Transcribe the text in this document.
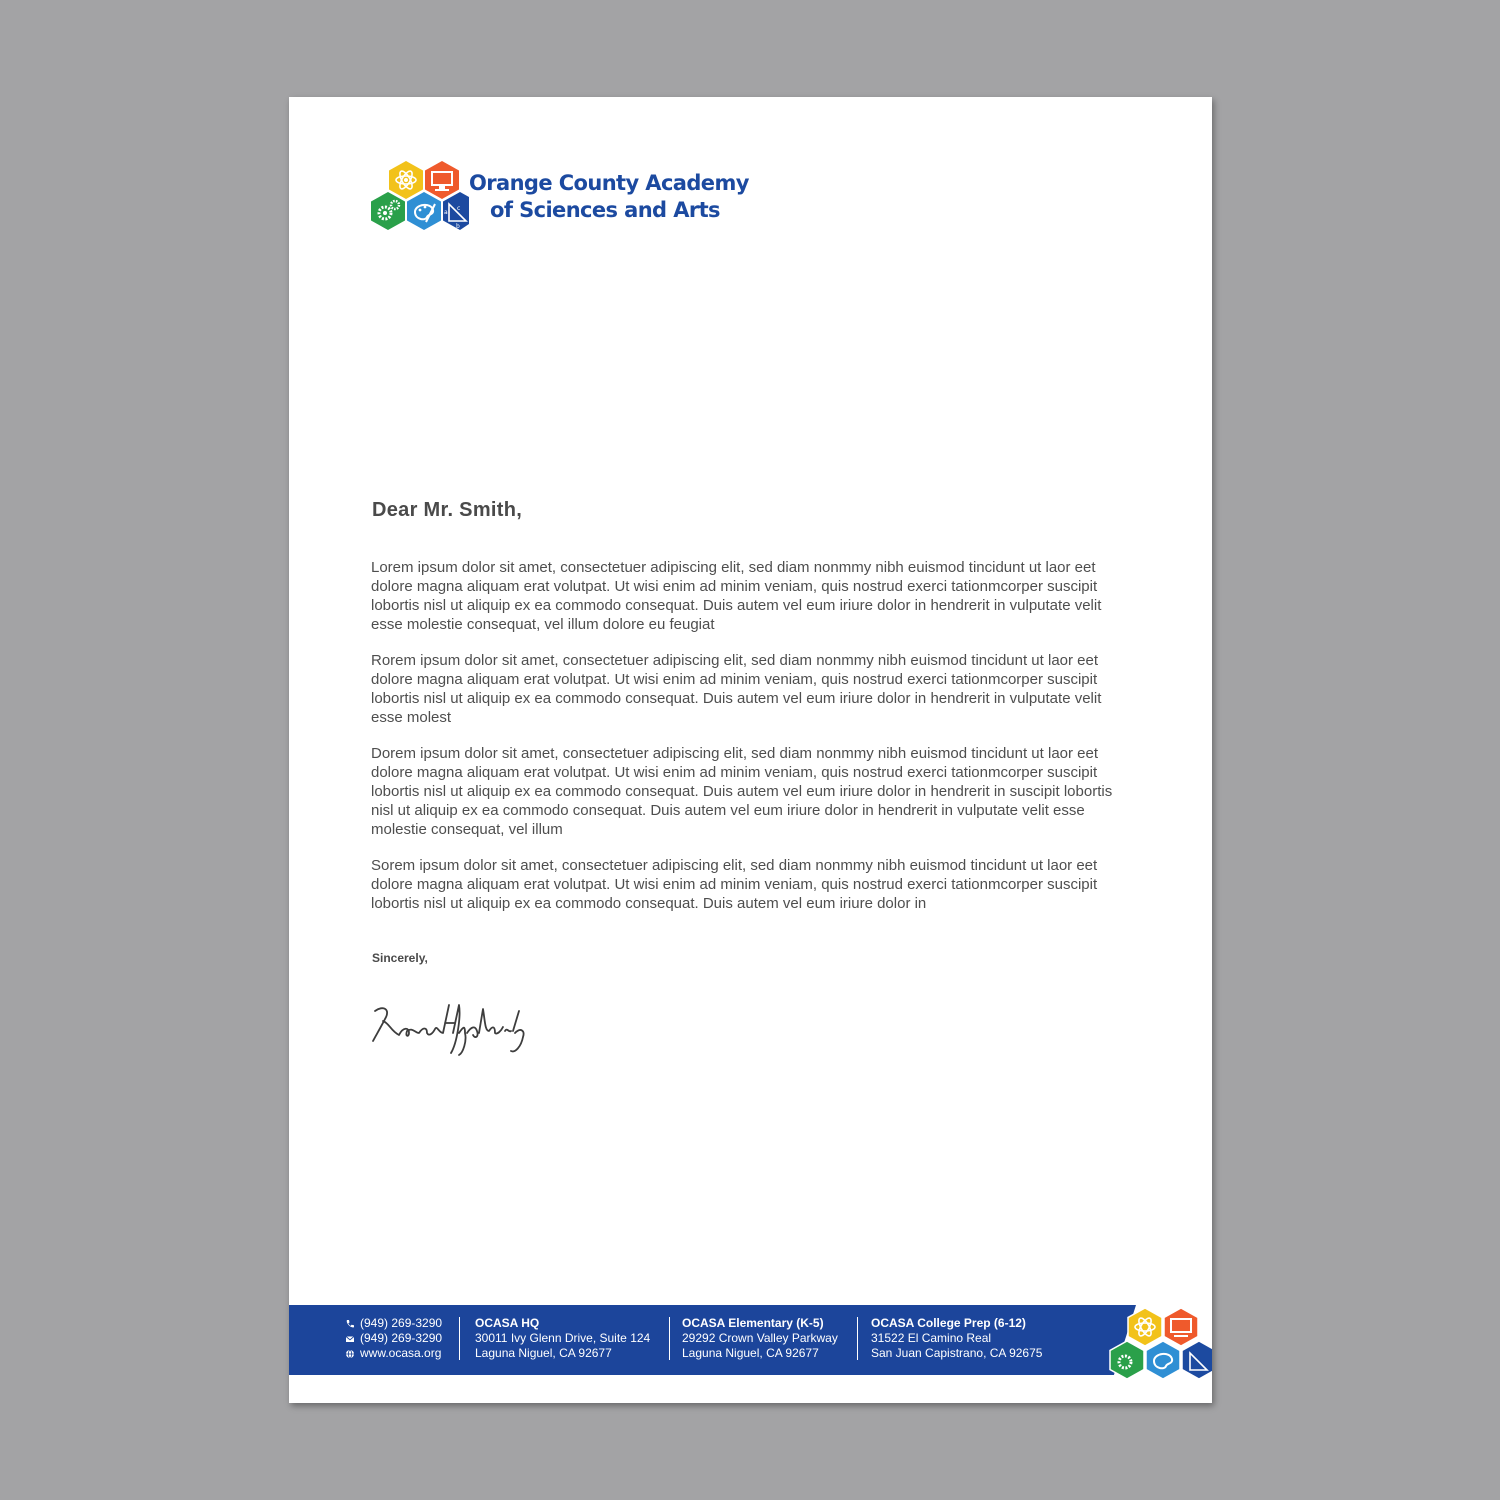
a
c
b
Orange County Academy
of Sciences and Arts
Dear Mr. Smith,

Lorem ipsum dolor sit amet, consectetuer adipiscing elit, sed diam nonmmy nibh euismod tincidunt ut laor eet dolore magna aliquam erat volutpat. Ut wisi enim ad minim veniam, quis nostrud exerci tationmcorper suscipit lobortis nisl ut aliquip ex ea commodo consequat. Duis autem vel eum iriure dolor in hendrerit in vulputate velit esse molestie consequat, vel illum dolore eu feugiat

Rorem ipsum dolor sit amet, consectetuer adipiscing elit, sed diam nonmmy nibh euismod tincidunt ut laor eet dolore magna aliquam erat volutpat. Ut wisi enim ad minim veniam, quis nostrud exerci tationmcorper suscipit lobortis nisl ut aliquip ex ea commodo consequat. Duis autem vel eum iriure dolor in hendrerit in vulputate velit esse molest

Dorem ipsum dolor sit amet, consectetuer adipiscing elit, sed diam nonmmy nibh euismod tincidunt ut laor eet dolore magna aliquam erat volutpat. Ut wisi enim ad minim veniam, quis nostrud exerci tationmcorper suscipit lobortis nisl ut aliquip ex ea commodo consequat. Duis autem vel eum iriure dolor in hendrerit in suscipit lobortis nisl ut aliquip ex ea commodo consequat. Duis autem vel eum iriure dolor in hendrerit in vulputate velit esse molestie consequat, vel illum

Sorem ipsum dolor sit amet, consectetuer adipiscing elit, sed diam nonmmy nibh euismod tincidunt ut laor eet dolore magna aliquam erat volutpat. Ut wisi enim ad minim veniam, quis nostrud exerci tationmcorper suscipit lobortis nisl ut aliquip ex ea commodo consequat. Duis autem vel eum iriure dolor in

Sincerely,
(949) 269-3290
(949) 269-3290
www.ocasa.org
OCASA HQ
30011 Ivy Glenn Drive, Suite 124
Laguna Niguel, CA 92677
OCASA Elementary (K-5)
29292 Crown Valley Parkway
Laguna Niguel, CA 92677
OCASA College Prep (6-12)
31522 El Camino Real
San Juan Capistrano, CA 92675
